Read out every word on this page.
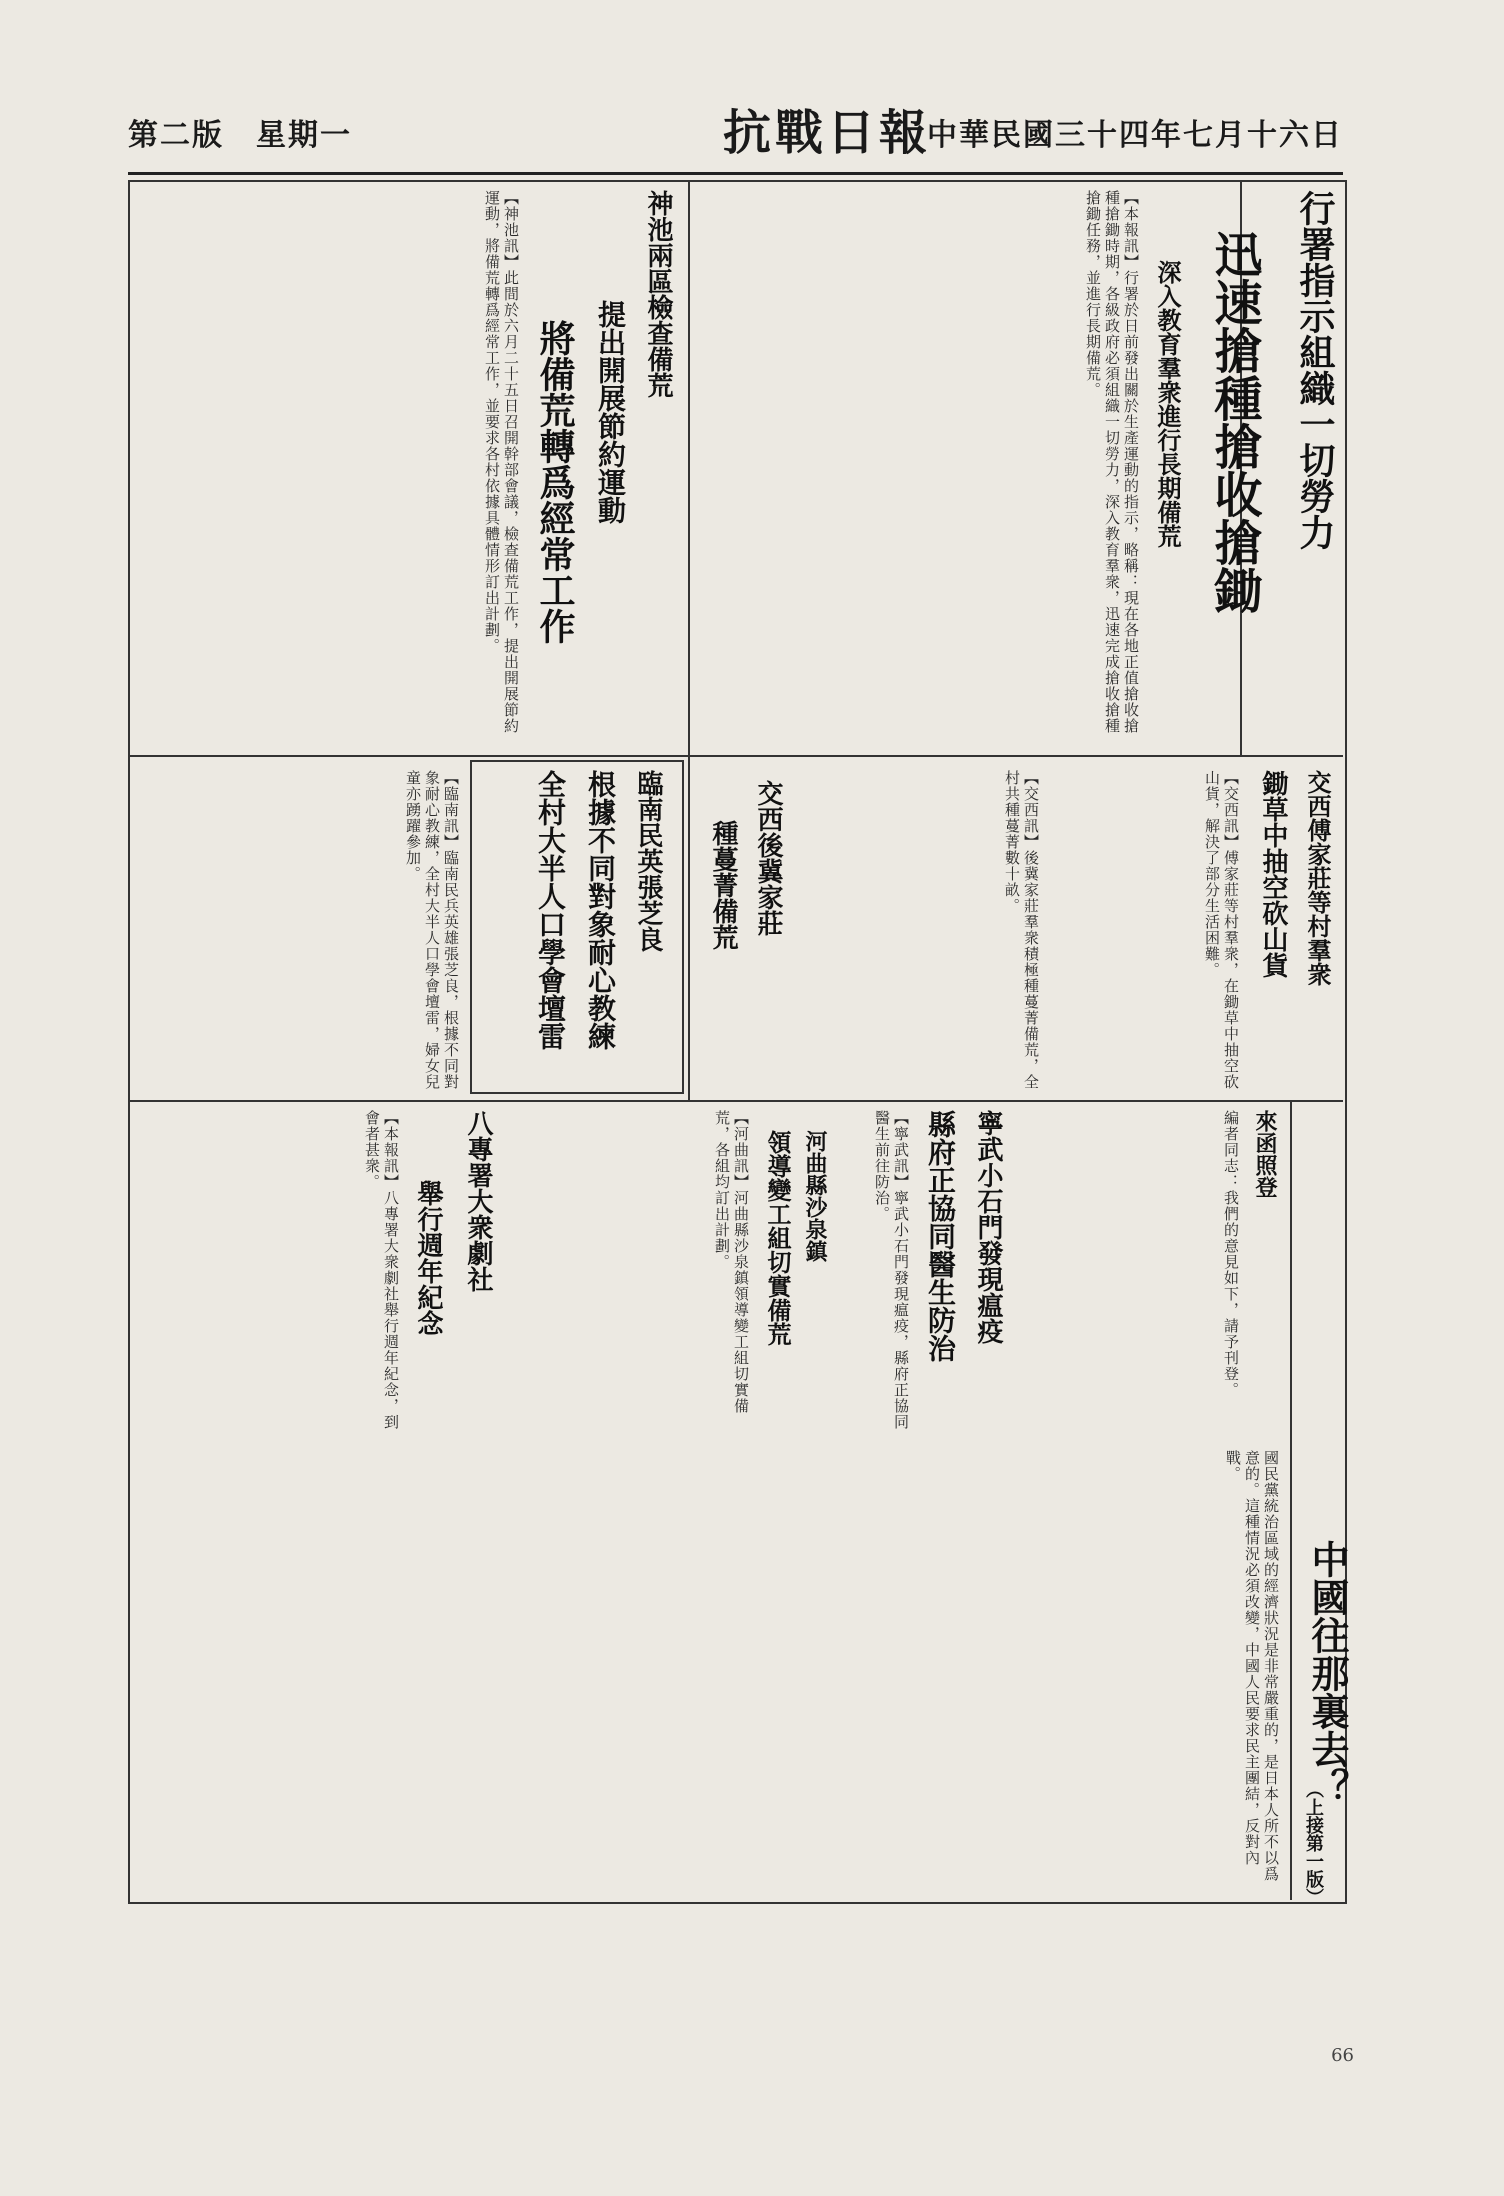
第二版　星期一	抗戰日報
中華民國三十四年七月十六日
行署指示組織一切勞力
迅速搶種搶收搶鋤
深入教育羣衆進行長期備荒
【本報訊】行署於日前發出關於生產運動的指示，略稱：現在各地正值搶收搶種搶鋤時期，各級政府必須組織一切勞力，深入教育羣衆，迅速完成搶收搶種搶鋤任務，並進行長期備荒。
神池兩區檢查備荒
提出開展節約運動
將備荒轉爲經常工作
【神池訊】此間於六月二十五日召開幹部會議，檢查備荒工作，提出開展節約運動，將備荒轉爲經常工作，並要求各村依據具體情形訂出計劃。
臨南民英張芝良
根據不同對象耐心教練
全村大半人口學會壇雷
【臨南訊】臨南民兵英雄張芝良，根據不同對象耐心教練，全村大半人口學會壇雷，婦女兒童亦踴躍參加。	交西傅家莊等村羣衆
鋤草中抽空砍山貨
【交西訊】傅家莊等村羣衆，在鋤草中抽空砍山貨，解決了部分生活困難。
交西後冀家莊
種蔓菁備荒	【交西訊】後冀家莊羣衆積極種蔓菁備荒，全村共種蔓菁數十畝。
寧武小石門發現瘟疫
縣府正協同醫生防治
【寧武訊】寧武小石門發現瘟疫，縣府正協同醫生前往防治。
河曲縣沙泉鎮
領導變工組切實備荒
【河曲訊】河曲縣沙泉鎮領導變工組切實備荒，各組均訂出計劃。
八專署大衆劇社
舉行週年紀念
【本報訊】八專署大衆劇社舉行週年紀念，到會者甚衆。	來函照登
編者同志：我們的意見如下，請予刊登。
中國往那裏去？
（上接第一版）
國民黨統治區域的經濟狀況是非常嚴重的，是日本人所不以爲意的。這種情況必須改變，中國人民要求民主團結，反對內戰。
66
